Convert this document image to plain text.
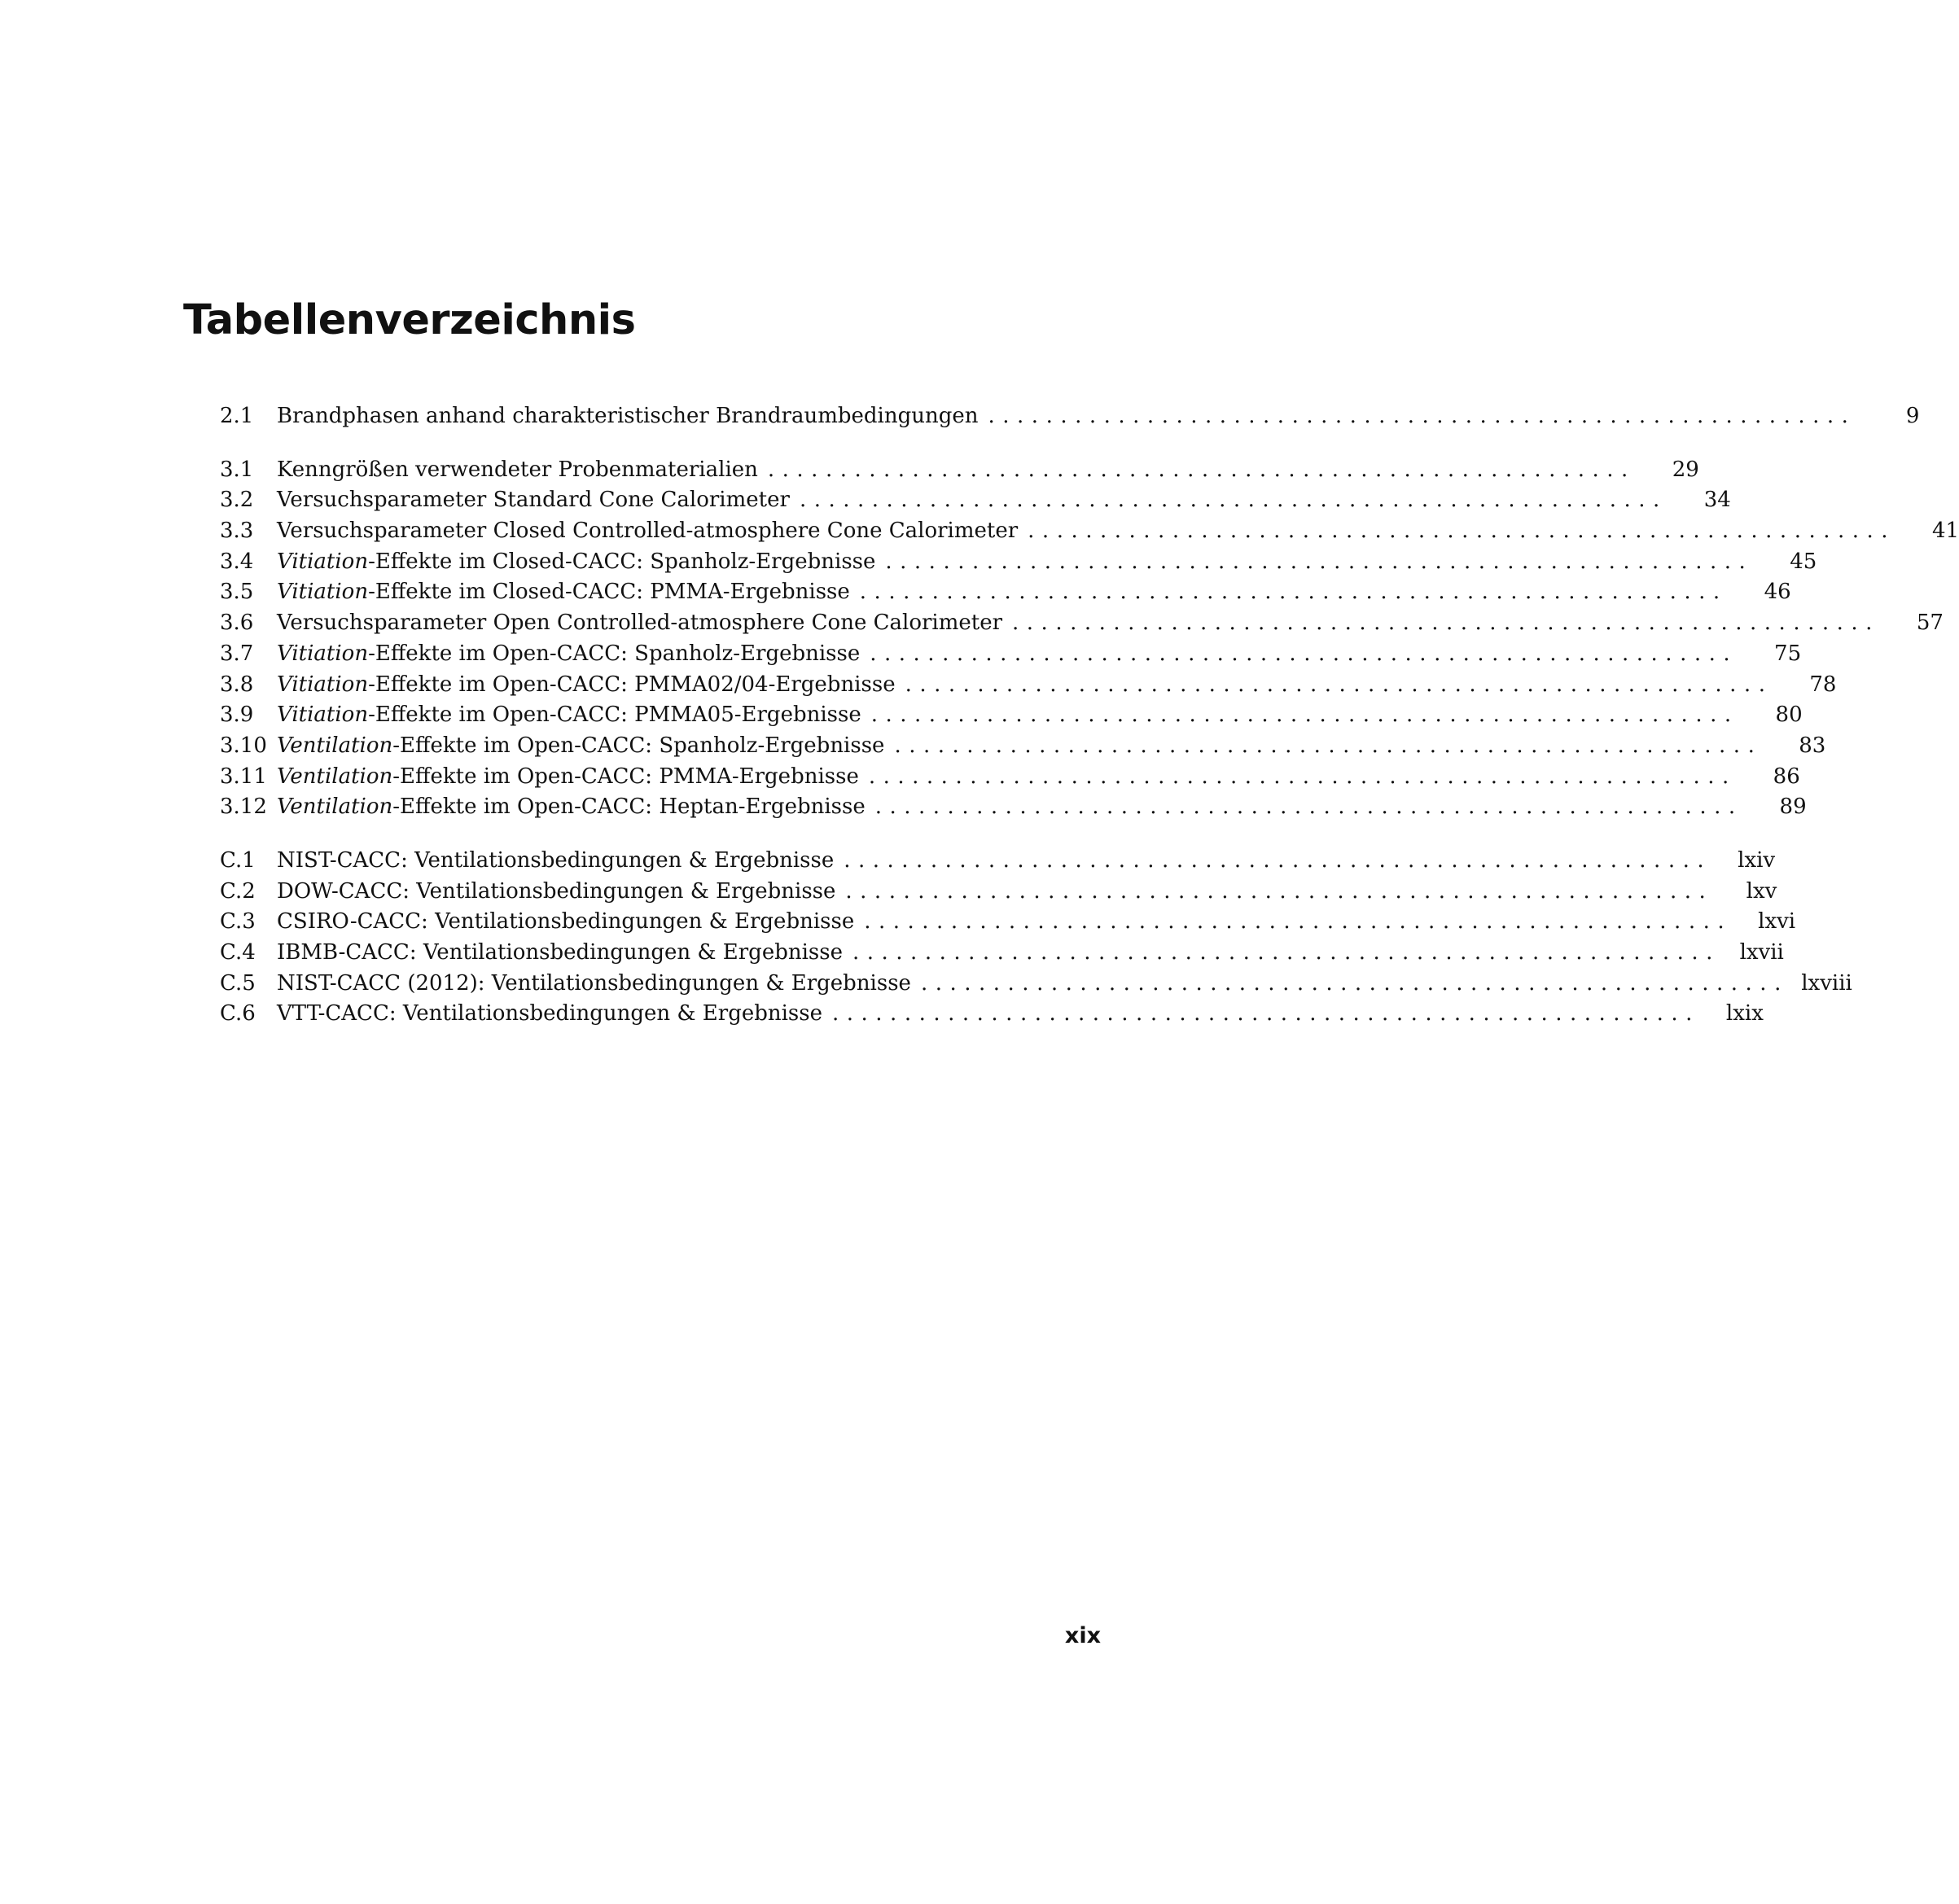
Tabellenverzeichnis
2.1	Brandphasen anhand charakteristischer Brandraumbedingungen ............................................................	9
3.1	Kenngrößen verwendeter Probenmaterialien ............................................................	29
3.2	Versuchsparameter Standard Cone Calorimeter ............................................................	34
3.3	Versuchsparameter Closed Controlled-atmosphere Cone Calorimeter ............................................................	41
3.4	Vitiation-Effekte im Closed-CACC: Spanholz-Ergebnisse ............................................................	45
3.5	Vitiation-Effekte im Closed-CACC: PMMA-Ergebnisse ............................................................	46
3.6	Versuchsparameter Open Controlled-atmosphere Cone Calorimeter ............................................................	57
3.7	Vitiation-Effekte im Open-CACC: Spanholz-Ergebnisse ............................................................	75
3.8	Vitiation-Effekte im Open-CACC: PMMA02/04-Ergebnisse ............................................................	78
3.9	Vitiation-Effekte im Open-CACC: PMMA05-Ergebnisse ............................................................	80
3.10 Ventilation-Effekte im Open-CACC: Spanholz-Ergebnisse ............................................................	83
3.11 Ventilation-Effekte im Open-CACC: PMMA-Ergebnisse ............................................................	86
3.12 Ventilation-Effekte im Open-CACC: Heptan-Ergebnisse ............................................................	89
C.1	NIST-CACC: Ventilationsbedingungen & Ergebnisse ............................................................	lxiv
C.2	DOW-CACC: Ventilationsbedingungen & Ergebnisse ............................................................	lxv
C.3	CSIRO-CACC: Ventilationsbedingungen & Ergebnisse ............................................................	lxvi
C.4	IBMB-CACC: Ventilationsbedingungen & Ergebnisse ............................................................ lxvii
C.5	NIST-CACC (2012): Ventilationsbedingungen & Ergebnisse ............................................................ lxviii
C.6	VTT-CACC: Ventilationsbedingungen & Ergebnisse ............................................................	lxix
xix
